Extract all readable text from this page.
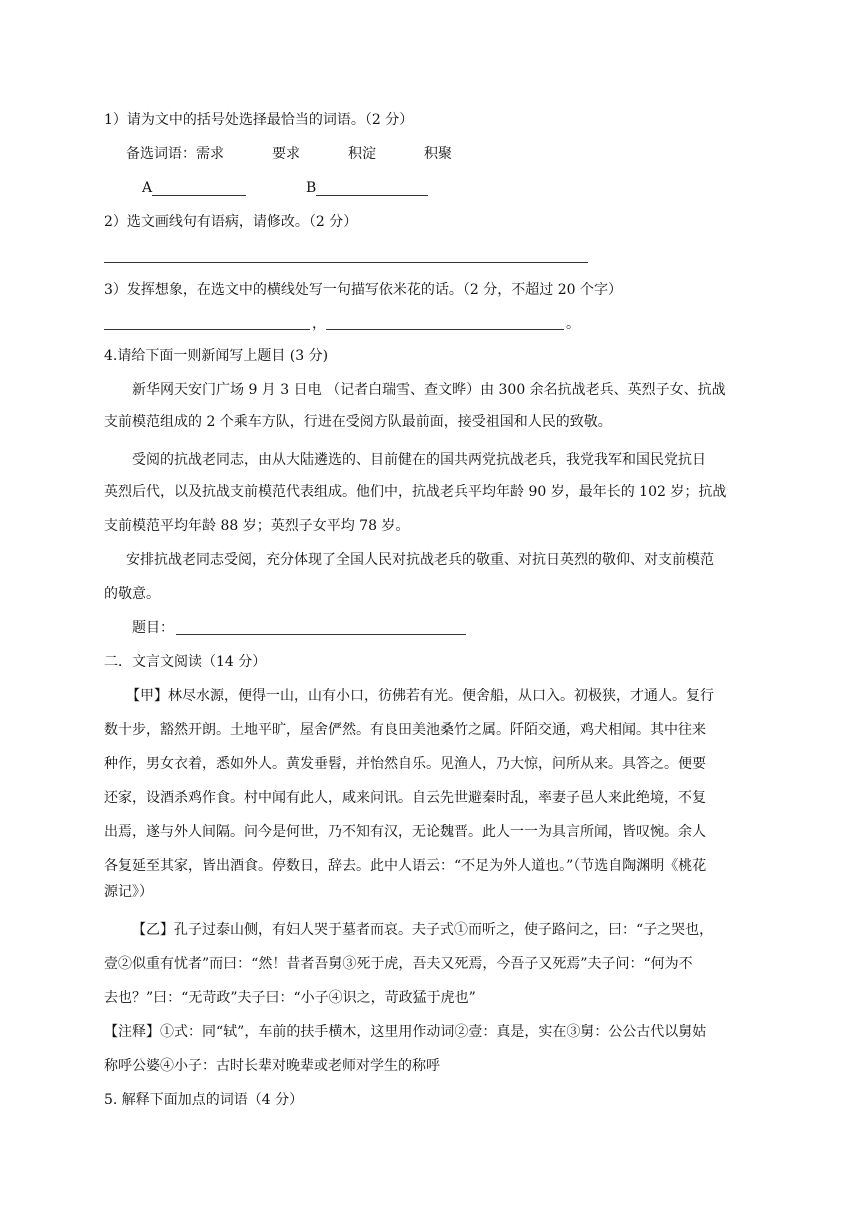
1）请为文中的括号处选择最恰当的词语。（2 分）
备选词语：需求	要求	积淀	积聚
A	B
2）选文画线句有语病，请修改。（2 分）
3）发挥想象，在选文中的横线处写一句描写依米花的话。（2 分，不超过 20 个字）
，	。
4.请给下面一则新闻写上题目 (3 分)
新华网天安门广场 9 月 3 日电 （记者白瑞雪、查文晔）由 300 余名抗战老兵、英烈子女、抗战
支前模范组成的 2 个乘车方队，行进在受阅方队最前面，接受祖国和人民的致敬。
受阅的抗战老同志，由从大陆遴选的、目前健在的国共两党抗战老兵，我党我军和国民党抗日
英烈后代，以及抗战支前模范代表组成。他们中，抗战老兵平均年龄 90 岁，最年长的 102 岁；抗战
支前模范平均年龄 88 岁；英烈子女平均 78 岁。
安排抗战老同志受阅，充分体现了全国人民对抗战老兵的敬重、对抗日英烈的敬仰、对支前模范
的敬意。
题目：
二．文言文阅读（14 分）
【甲】林尽水源，便得一山，山有小口，彷佛若有光。便舍船，从口入。初极狭，才通人。复行
数十步，豁然开朗。土地平旷，屋舍俨然。有良田美池桑竹之属。阡陌交通，鸡犬相闻。其中往来
种作，男女衣着，悉如外人。黄发垂髫，并怡然自乐。见渔人，乃大惊，问所从来。具答之。便要
还家，设酒杀鸡作食。村中闻有此人，咸来问讯。自云先世避秦时乱，率妻子邑人来此绝境，不复
出焉，遂与外人间隔。问今是何世，乃不知有汉，无论魏晋。此人一一为具言所闻，皆叹惋。余人
各复延至其家，皆出酒食。停数日，辞去。此中人语云：“不足为外人道也。”（节选自陶渊明《桃花
源记》）
【乙】孔子过泰山侧，有妇人哭于墓者而哀。夫子式①而听之，使子路问之，曰：“子之哭也，
壹②似重有忧者”而曰：“然！昔者吾舅③死于虎，吾夫又死焉，今吾子又死焉”夫子问：“何为不
去也？”曰：“无苛政”夫子曰：“小子④识之，苛政猛于虎也”
【注释】①式：同“轼”，车前的扶手横木，这里用作动词②壹：真是，实在③舅：公公古代以舅姑
称呼公婆④小子：古时长辈对晚辈或老师对学生的称呼
5. 解释下面加点的词语（4 分）
